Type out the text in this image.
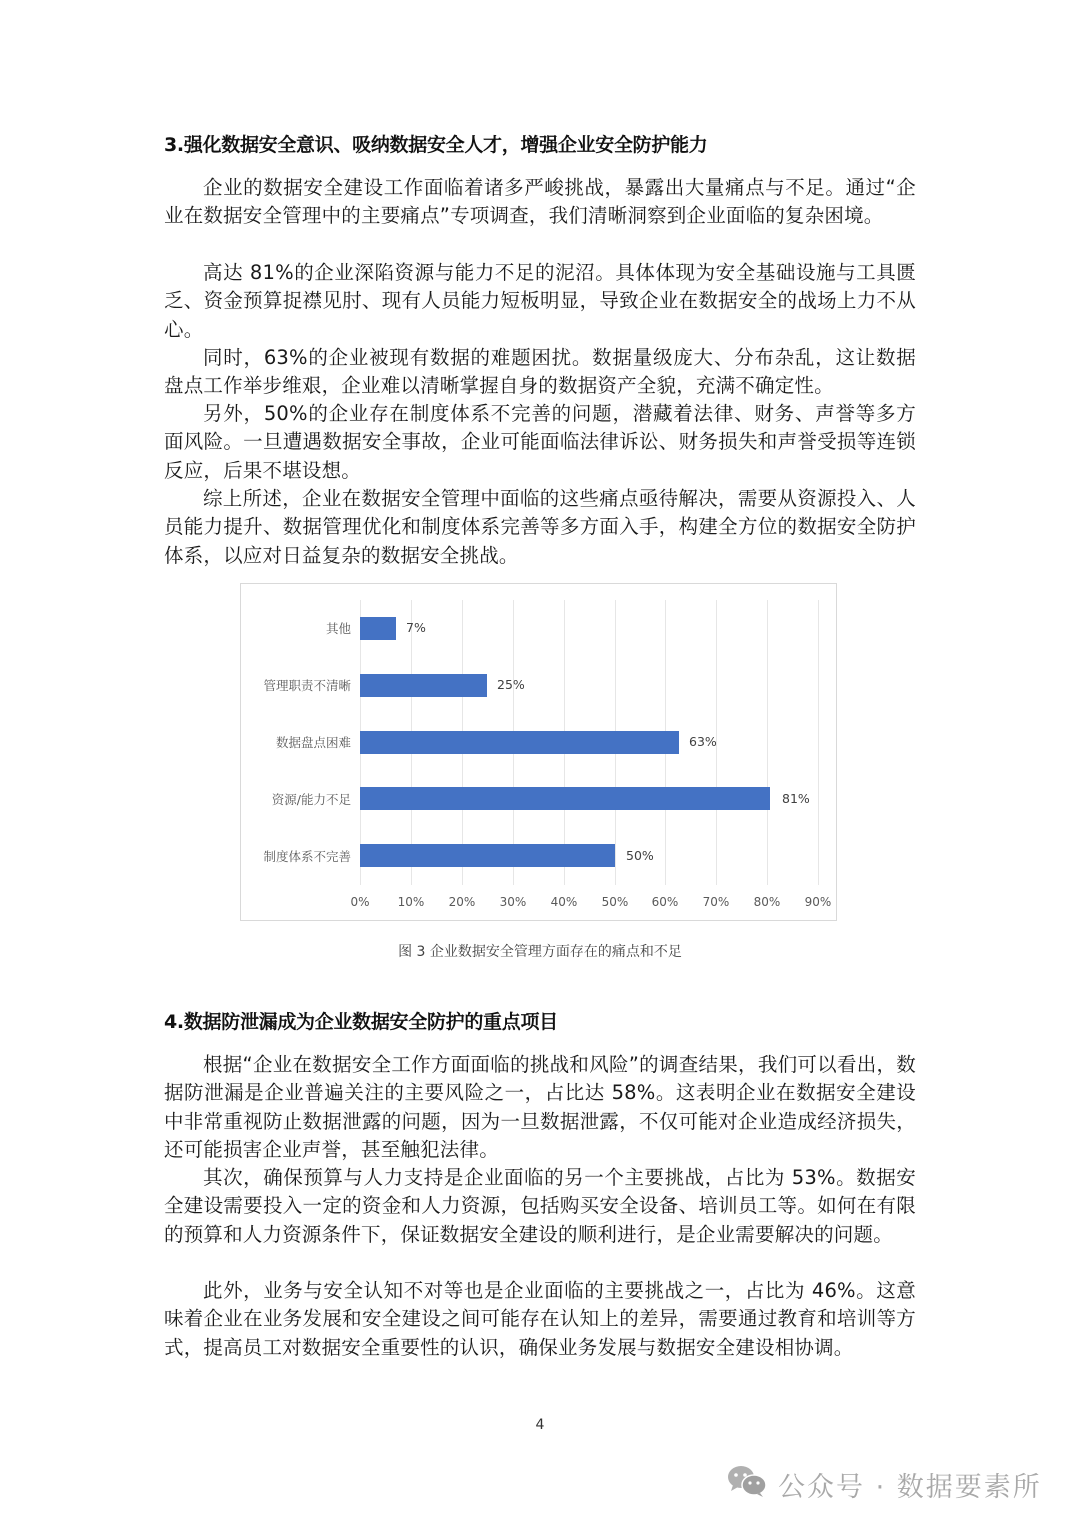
3.强化数据安全意识、吸纳数据安全人才，增强企业安全防护能力

企业的数据安全建设工作面临着诸多严峻挑战，暴露出大量痛点与不足。通过“企业在数据安全管理中的主要痛点”专项调查，我们清晰洞察到企业面临的复杂困境。

高达 81%的企业深陷资源与能力不足的泥沼。具体体现为安全基础设施与工具匮乏、资金预算捉襟见肘、现有人员能力短板明显，导致企业在数据安全的战场上力不从心。

同时，63%的企业被现有数据的难题困扰。数据量级庞大、分布杂乱，这让数据盘点工作举步维艰，企业难以清晰掌握自身的数据资产全貌，充满不确定性。

另外，50%的企业存在制度体系不完善的问题，潜藏着法律、财务、声誉等多方面风险。一旦遭遇数据安全事故，企业可能面临法律诉讼、财务损失和声誉受损等连锁反应，后果不堪设想。

综上所述，企业在数据安全管理中面临的这些痛点亟待解决，需要从资源投入、人员能力提升、数据管理优化和制度体系完善等多方面入手，构建全方位的数据安全防护体系，以应对日益复杂的数据安全挑战。

其他	7%
管理职责不清晰	25%
数据盘点困难	63%
资源/能力不足	81%
制度体系不完善	50%
0%	10%	20%	30%	40%	50%	60%	70%	80%	90%
图 3 企业数据安全管理方面存在的痛点和不足
4.数据防泄漏成为企业数据安全防护的重点项目

根据“企业在数据安全工作方面面临的挑战和风险”的调查结果，我们可以看出，数据防泄漏是企业普遍关注的主要风险之一，占比达 58%。这表明企业在数据安全建设中非常重视防止数据泄露的问题，因为一旦数据泄露，不仅可能对企业造成经济损失，还可能损害企业声誉，甚至触犯法律。

其次，确保预算与人力支持是企业面临的另一个主要挑战，占比为 53%。数据安全建设需要投入一定的资金和人力资源，包括购买安全设备、培训员工等。如何在有限的预算和人力资源条件下，保证数据安全建设的顺利进行，是企业需要解决的问题。

此外，业务与安全认知不对等也是企业面临的主要挑战之一，占比为 46%。这意味着企业在业务发展和安全建设之间可能存在认知上的差异，需要通过教育和培训等方式，提高员工对数据安全重要性的认识，确保业务发展与数据安全建设相协调。

4
公众号 · 数据要素所
